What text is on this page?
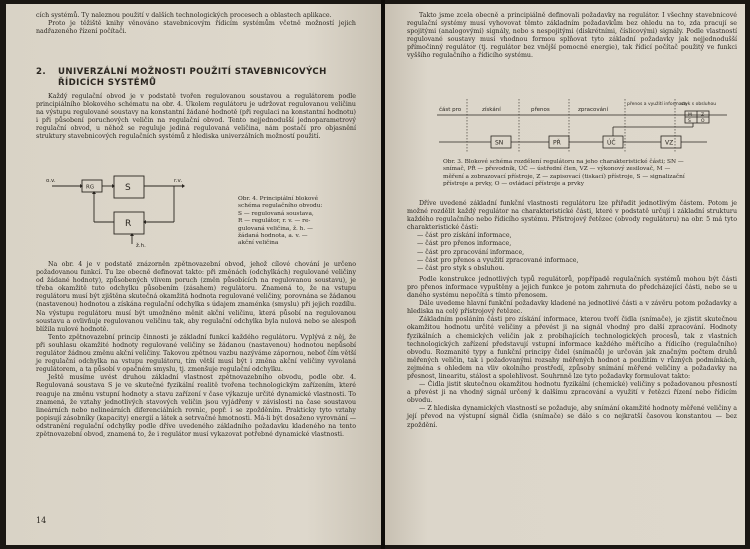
cích systémů. Ty naleznou použití v dalších technologických procesech a oblastech aplikace.

Proto je těžiště knihy věnováno stavebnicovým řídicím systémům včetně možností jejich nadřazeného řízení počítači.

2. UNIVERZÁLNÍ MOŽNOSTI POUŽITÍ STAVEBNICOVÝCH
ŘÍDICÍCH SYSTÉMŮ

Každý regulační obvod je v podstatě tvořen regulovanou soustavou a regulátorem podle principiálního blokového schématu na obr. 4. Úkolem regulátoru je udržovat regulovanou veličinu na výstupu regulované soustavy na konstantní žádané hodnotě (při regulaci na konstantní hodnotu) i při působení poruchových veličin na regulační obvod. Tento nejjednodušší jednoparametrový regulační obvod, u něhož se reguluje jediná regulovaná veličina, nám postačí pro objasnění struktury stavebnicových regulačních systémů z hlediska univerzálních možností použití.

o.v.
RG	S
r.v.
R
ž.h.
Obr. 4. Principiální blokové
schéma regulačního obvodu:
S — regulovaná soustava,
R — regulátor, r. v. — re-
gulovaná veličina, ž. h. —
žádaná hodnota, a. v. —
akční veličina

Na obr. 4 je v podstatě znázorněn zpětnovazební obvod, jehož cílové chování je určeno požadovanou funkcí. Tu lze obecně definovat takto: při změnách (odchylkách) regulované veličiny od žádané hodnoty), způsobených vlivem poruch (změn působících na regulovanou soustavu), je třeba okamžitě tuto odchylku působením (zásahem) regulátoru. Znamená to, že na vstupu regulátoru musí být zjištěna skutečná okamžitá hodnota regulované veličiny, porovnána se žádanou (nastavenou) hodnotou a získána regulační odchylka s údajem znaménka (smyslu) při jejich rozdílu. Na výstupu regulátoru musí být umožněno měnit akční veličinu, která působí na regulovanou soustavu a ovlivňuje regulovanou veličinu tak, aby regulační odchylka byla nulová nebo se alespoň blížila nulové hodnotě.

Tento zpětnovazební princip činnosti je základní funkcí každého regulátoru. Vyplývá z něj, že při souhlasu okamžité hodnoty regulované veličiny se žádanou (nastavenou) hodnotou nepůsobí regulátor žádnou změnu akční veličiny. Takovou zpětnou vazbu nazýváme zápornou, neboť čím větší je regulační odchylka na vstupu regulátoru, tím větší musí být i změna akční veličiny vyvolaná regulátorem, a ta působí v opačném smyslu, tj. zmenšuje regulační odchylku.

Ještě musíme uvést druhou základní vlastnost zpětnovazebního obvodu, podle obr. 4. Regulovaná soustava S je ve skutečné fyzikální realitě tvořena technologickým zařízením, které reaguje na změnu vstupní hodnoty a stavu zařízení v čase výkazuje určité dynamické vlastnosti. To znamená, že vztahy jednotlivých stavových veličin jsou vyjádřeny v závislosti na čase soustavou lineárních nebo nelineárních diferenciálních rovnic, popř. i se zpožděním. Prakticky tyto vztahy popisují zásobníky (kapacity) energií a látek a setrvačné hmotnosti. Má-li být dosaženo vyrovnání — odstranění regulační odchylky podle dříve uvedeného základního požadavku kladeného na tento zpětnovazební obvod, znamená to, že i regulátor musí vykazovat potřebné dynamické vlastnosti.

14

Takto jsme zcela obecně a principiálně definovali požadavky na regulátor. I všechny stavebnicové regulační systémy musí vyhovovat těmto základním požadavkům bez ohledu na to, zda pracují se spojitými (analogovými) signály, nebo s nespojitými (diskrétními, číslicovými) signály. Podle vlastností regulované soustavy musí vhodnou formou splňovat tyto základní požadavky jak nejjednodušší přímočinný regulátor (tj. regulátor bez vnější pomocné energie), tak řídicí počítač použitý ve funkci vyššího regulačního a řídicího systému.

část pro	získání	přenos	zpracování
přenos a využití informace
styk s obsluhou
SN	PŘ	ÚČ	VZ
M Z
S O
Obr. 3. Blokové schéma rozdělení regulátoru na jeho charakteristické části; SN —
snímač, PŘ — převodník, ÚČ — ústřední člen, VZ — výkonový zesilovač, M —
měření a zobrazovací přístroje, Z — zapisovací (tiskací) přístroje, S — signalizační
přístroje a prvky, O — ovládací přístroje a prvky

Dříve uvedené základní funkční vlastnosti regulátoru lze přiřadit jednotlivým částem. Potom je možné rozdělit každý regulátor na charakteristické části, které v podstatě určují i základní strukturu každého regulačního nebo řídicího systému. Přístrojový řetězec (obvody regulátoru) na obr. 5 má tyto charakteristické části:

— část pro získání informace,
— část pro přenos informace,
— část pro zpracování informace,
— část pro přenos a využití zpracované informace,
— část pro styk s obsluhou.

Podle konstrukce jednotlivých typů regulátorů, popřípadě regulačních systémů mohou být části pro přenos informace vypuštěny a jejich funkce je potom zahrnuta do předcházející části, nebo se u daného systému nepočítá s tímto přenosem.

Dále uvedeme hlavní funkční požadavky kladené na jednotlivé části a v závěru potom požadavky a hlediska na celý přístrojový řetězec.

Základním posláním části pro získání informace, kterou tvoří čidla (snímače), je zjistit skutečnou okamžitou hodnotu určité veličiny a převést ji na signál vhodný pro další zpracování. Hodnoty fyzikálních a chemických veličin jak z probíhajících technologických procesů, tak z vlastních technologických zařízení představují vstupní informace každého měřicího a řídicího (regulačního) obvodu. Rozmanité typy a funkční principy čidel (snímačů) je určován jak značným počtem druhů měřených veličin, tak i požadovanými rozsahy měřených hodnot a použitím v různých podmínkách, zejména s ohledem na vliv okolního prostředí, způsoby snímání měřené veličiny a požadavky na přesnost, linearitu, stálost a spolehlivost. Souhrnně lze tyto požadavky formulovat takto:

— Čidla jistit skutečnou okamžitou hodnotu fyzikální (chemické) veličiny s požadovanou přesností a převést ji na vhodný signál určený k dalšímu zpracování a využití v řetězci řízení nebo řídicím obvodu.

— Z hlediska dynamických vlastností se požaduje, aby snímání okamžité hodnoty měřené veličiny a její převod na výstupní signál čidla (snímače) se dálo s co nejkratší časovou konstantou — bez zpoždění.
